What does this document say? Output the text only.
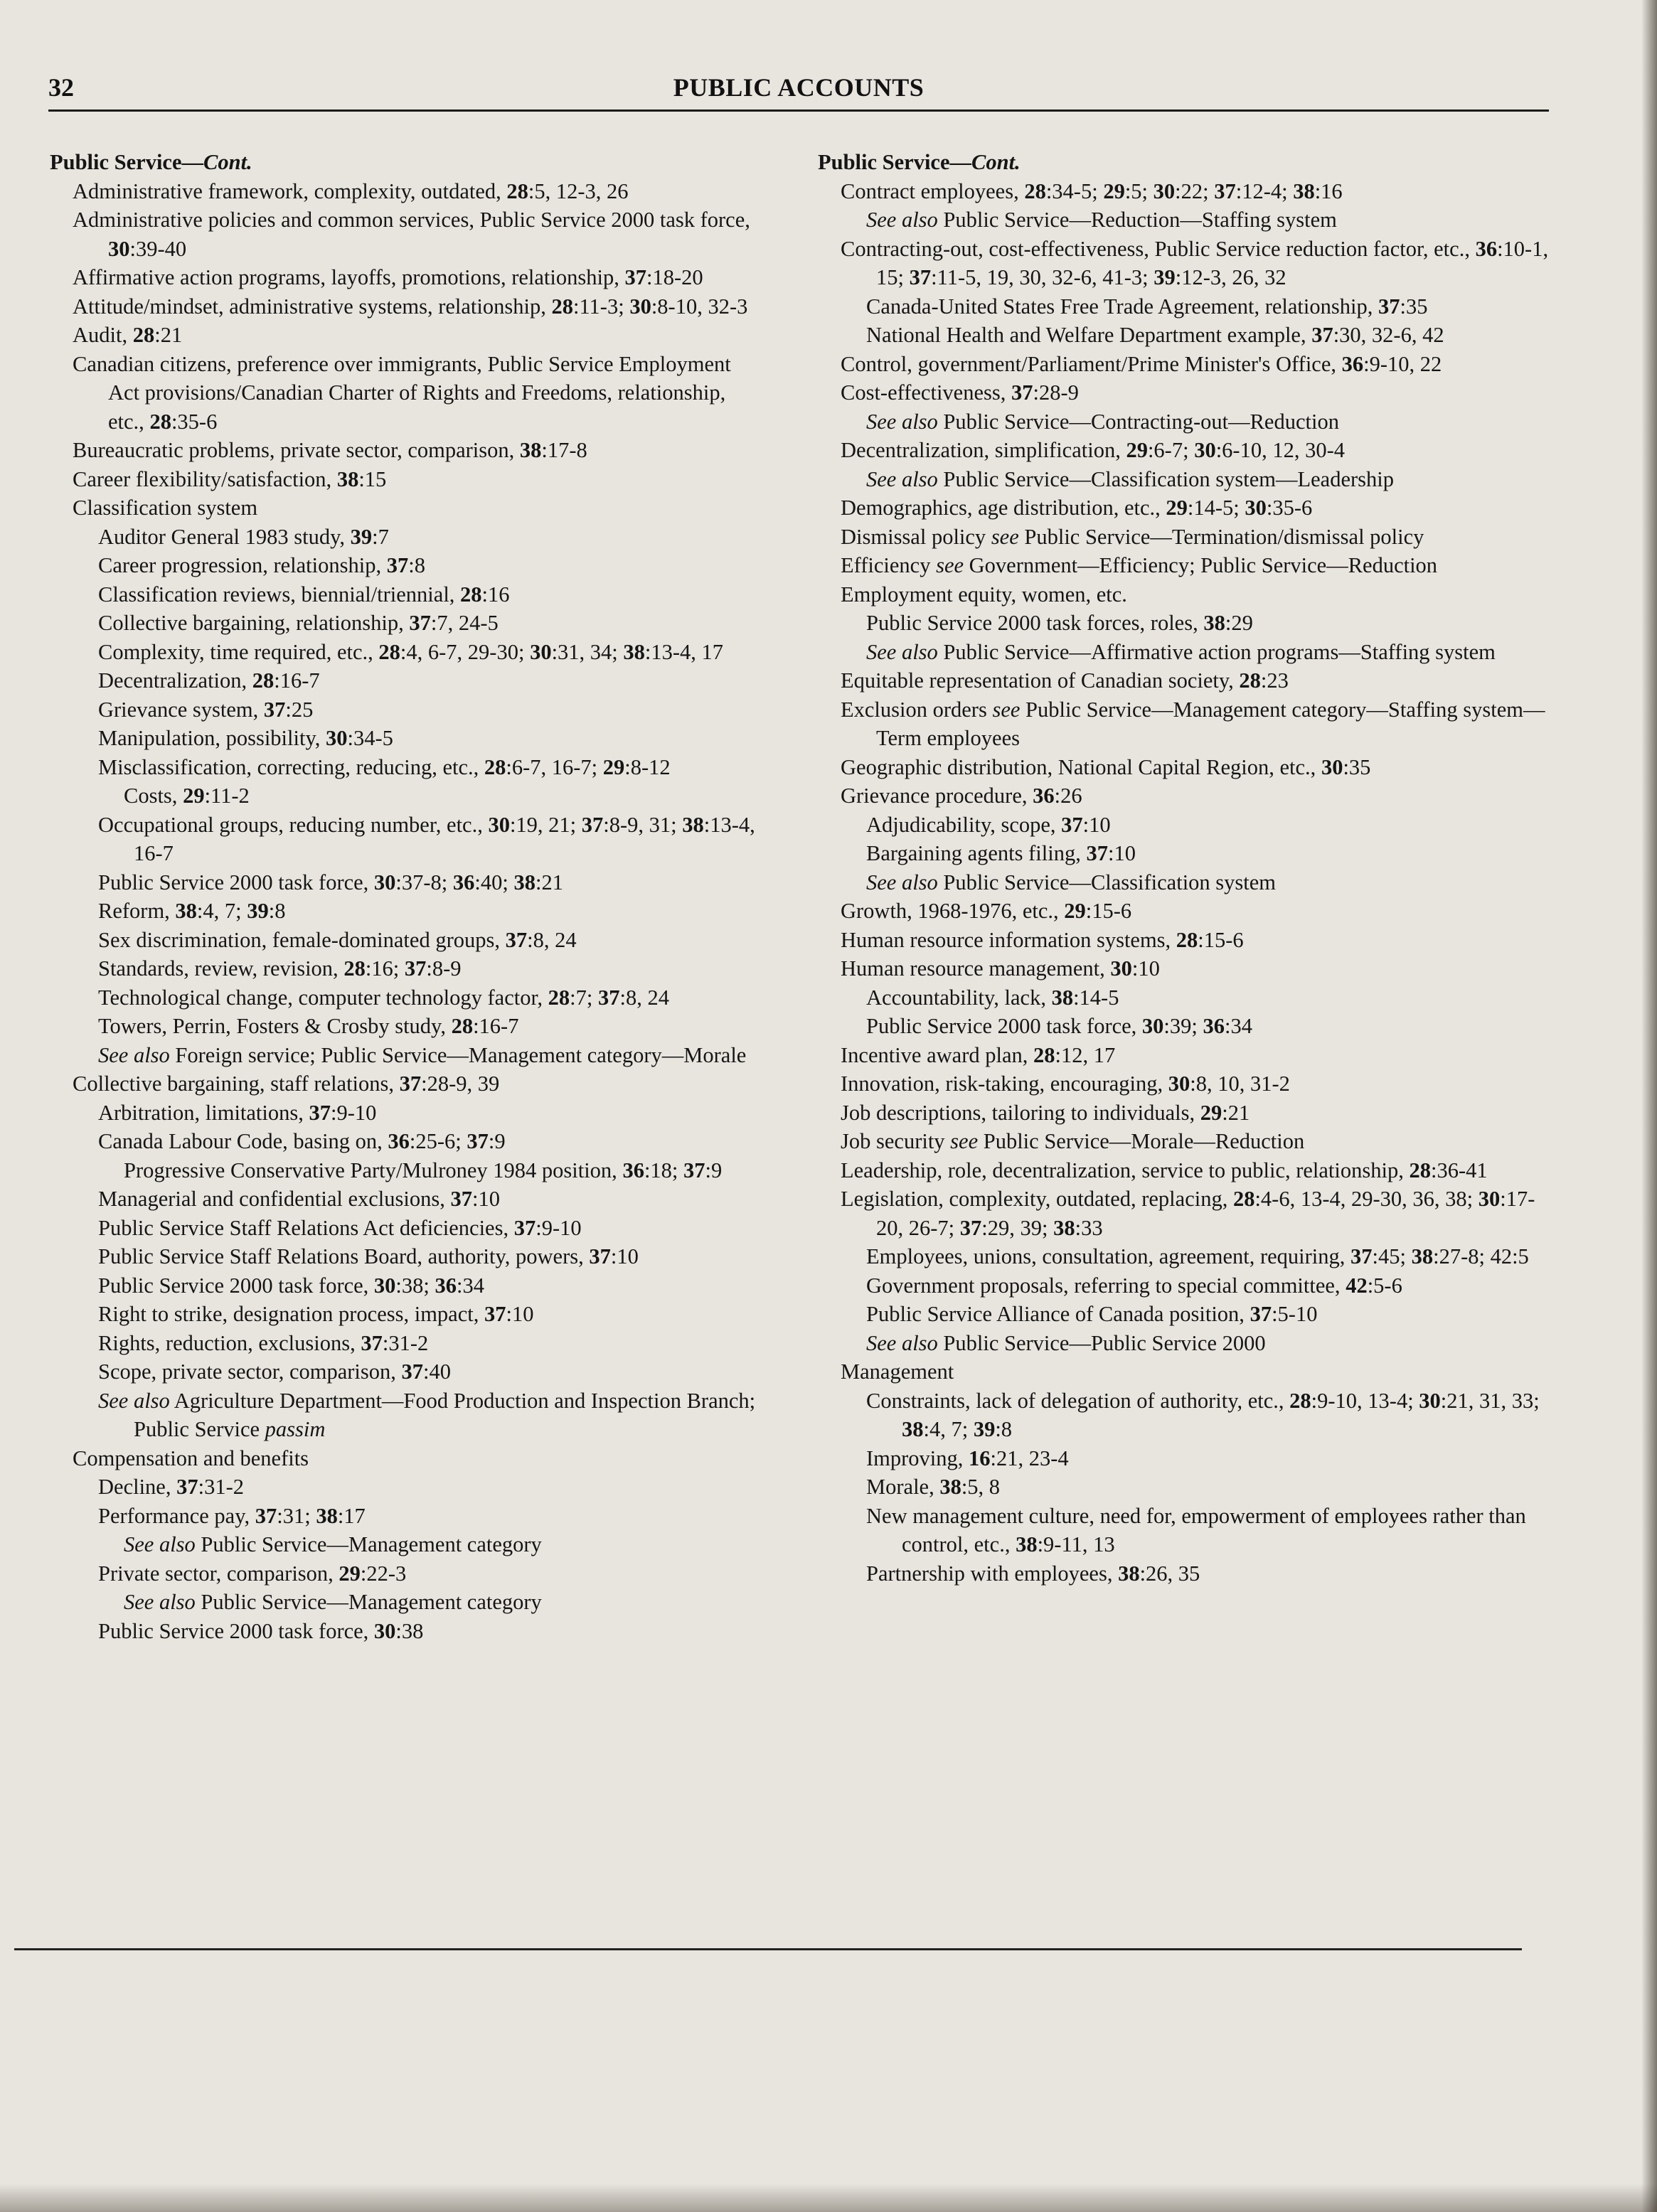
32	PUBLIC ACCOUNTS
Public Service—Cont.
Administrative framework, complexity, outdated, 28:5, 12-3, 26
Administrative policies and common services, Public Service 2000 task force, 30:39-40
Affirmative action programs, layoffs, promotions, relationship, 37:18-20
Attitude/mindset, administrative systems, relationship, 28:11-3; 30:8-10, 32-3
Audit, 28:21
Canadian citizens, preference over immigrants, Public Service Employment Act provisions/Canadian Charter of Rights and Freedoms, relationship, etc., 28:35-6
Bureaucratic problems, private sector, comparison, 38:17-8
Career flexibility/satisfaction, 38:15
Classification system
Auditor General 1983 study, 39:7
Career progression, relationship, 37:8
Classification reviews, biennial/triennial, 28:16
Collective bargaining, relationship, 37:7, 24-5
Complexity, time required, etc., 28:4, 6-7, 29-30; 30:31, 34; 38:13-4, 17
Decentralization, 28:16-7
Grievance system, 37:25
Manipulation, possibility, 30:34-5
Misclassification, correcting, reducing, etc., 28:6-7, 16-7; 29:8-12
Costs, 29:11-2
Occupational groups, reducing number, etc., 30:19, 21; 37:8-9, 31; 38:13-4, 16-7
Public Service 2000 task force, 30:37-8; 36:40; 38:21
Reform, 38:4, 7; 39:8
Sex discrimination, female-dominated groups, 37:8, 24
Standards, review, revision, 28:16; 37:8-9
Technological change, computer technology factor, 28:7; 37:8, 24
Towers, Perrin, Fosters & Crosby study, 28:16-7
See also Foreign service; Public Service—Management category—Morale
Collective bargaining, staff relations, 37:28-9, 39
Arbitration, limitations, 37:9-10
Canada Labour Code, basing on, 36:25-6; 37:9
Progressive Conservative Party/Mulroney 1984 position, 36:18; 37:9
Managerial and confidential exclusions, 37:10
Public Service Staff Relations Act deficiencies, 37:9-10
Public Service Staff Relations Board, authority, powers, 37:10
Public Service 2000 task force, 30:38; 36:34
Right to strike, designation process, impact, 37:10
Rights, reduction, exclusions, 37:31-2
Scope, private sector, comparison, 37:40
See also Agriculture Department—Food Production and Inspection Branch; Public Service passim
Compensation and benefits
Decline, 37:31-2
Performance pay, 37:31; 38:17
See also Public Service—Management category
Private sector, comparison, 29:22-3
See also Public Service—Management category
Public Service 2000 task force, 30:38
Public Service—Cont.
Contract employees, 28:34-5; 29:5; 30:22; 37:12-4; 38:16
See also Public Service—Reduction—Staffing system
Contracting-out, cost-effectiveness, Public Service reduction factor, etc., 36:10-1, 15; 37:11-5, 19, 30, 32-6, 41-3; 39:12-3, 26, 32
Canada-United States Free Trade Agreement, relationship, 37:35
National Health and Welfare Department example, 37:30, 32-6, 42
Control, government/Parliament/Prime Minister's Office, 36:9-10, 22
Cost-effectiveness, 37:28-9
See also Public Service—Contracting-out—Reduction
Decentralization, simplification, 29:6-7; 30:6-10, 12, 30-4
See also Public Service—Classification system—Leadership
Demographics, age distribution, etc., 29:14-5; 30:35-6
Dismissal policy see Public Service—Termination/dismissal policy
Efficiency see Government—Efficiency; Public Service—Reduction
Employment equity, women, etc.
Public Service 2000 task forces, roles, 38:29
See also Public Service—Affirmative action programs—Staffing system
Equitable representation of Canadian society, 28:23
Exclusion orders see Public Service—Management category—Staffing system—Term employees
Geographic distribution, National Capital Region, etc., 30:35
Grievance procedure, 36:26
Adjudicability, scope, 37:10
Bargaining agents filing, 37:10
See also Public Service—Classification system
Growth, 1968-1976, etc., 29:15-6
Human resource information systems, 28:15-6
Human resource management, 30:10
Accountability, lack, 38:14-5
Public Service 2000 task force, 30:39; 36:34
Incentive award plan, 28:12, 17
Innovation, risk-taking, encouraging, 30:8, 10, 31-2
Job descriptions, tailoring to individuals, 29:21
Job security see Public Service—Morale—Reduction
Leadership, role, decentralization, service to public, relationship, 28:36-41
Legislation, complexity, outdated, replacing, 28:4-6, 13-4, 29-30, 36, 38; 30:17-20, 26-7; 37:29, 39; 38:33
Employees, unions, consultation, agreement, requiring, 37:45; 38:27-8; 42:5
Government proposals, referring to special committee, 42:5-6
Public Service Alliance of Canada position, 37:5-10
See also Public Service—Public Service 2000
Management
Constraints, lack of delegation of authority, etc., 28:9-10, 13-4; 30:21, 31, 33; 38:4, 7; 39:8
Improving, 16:21, 23-4
Morale, 38:5, 8
New management culture, need for, empowerment of employees rather than control, etc., 38:9-11, 13
Partnership with employees, 38:26, 35
